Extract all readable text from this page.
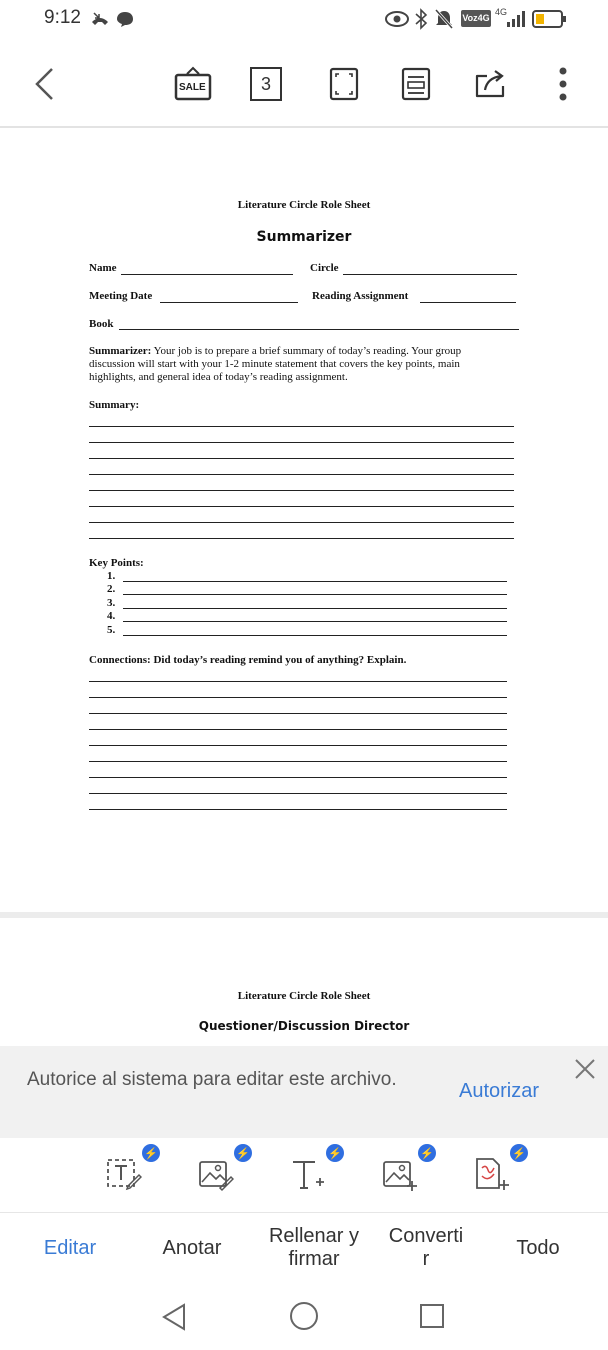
9:12	Voz4G
4G
SALE	3
Literature Circle Role Sheet
Summarizer
Name	Circle
Meeting Date	Reading Assignment
Book
Summarizer: Your job is to prepare a brief summary of today’s reading. Your group
discussion will start with your 1-2 minute statement that covers the key points, main
highlights, and general idea of today’s reading assignment.
Summary:
Key Points:
1.
2.
3.
4.
5.
Connections: Did today’s reading remind you of anything? Explain.
Literature Circle Role Sheet
Questioner/Discussion Director
Autorice al sistema para editar este archivo.
Autorizar
⚡	⚡	⚡	⚡	⚡
Editar	Anotar
Rellenar y firmar
Converti r	Todo
